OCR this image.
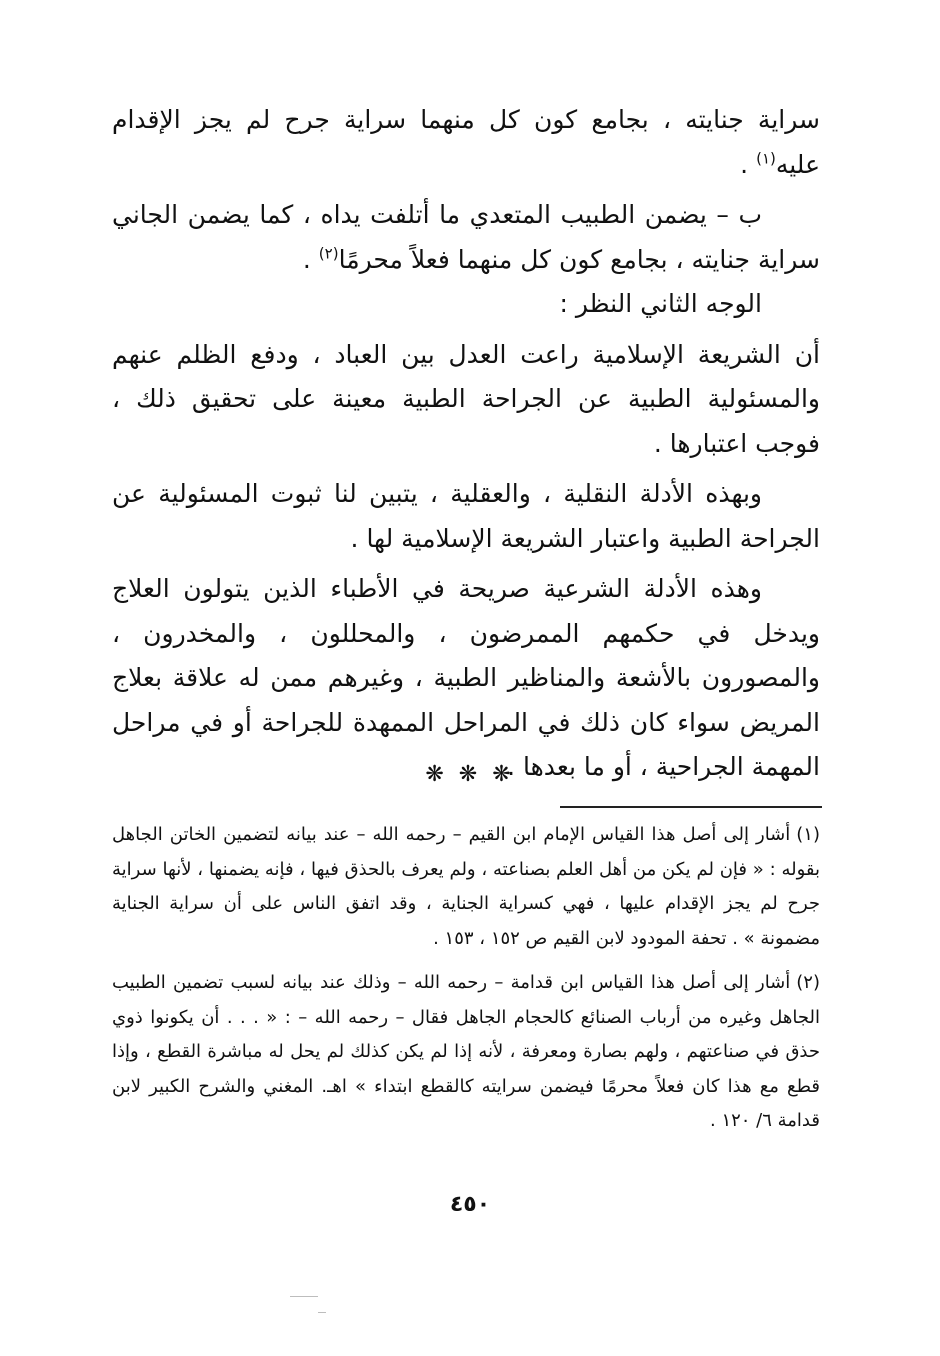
سراية جنايته ، بجامع كون كل منهما سراية جرح لم يجز الإقدام عليه$^{(١)}$ .

ب – يضمن الطبيب المتعدي ما أتلفت يداه ، كما يضمن الجاني سراية جنايته ، بجامع كون كل منهما فعلاً محرمًا$^{(٢)}$ .

الوجه الثاني النظر :

أن الشريعة الإسلامية راعت العدل بين العباد ، ودفع الظلم عنهم والمسئولية الطبية عن الجراحة الطبية معينة على تحقيق ذلك ، فوجب اعتبارها .

وبهذه الأدلة النقلية ، والعقلية ، يتبين لنا ثبوت المسئولية عن الجراحة الطبية واعتبار الشريعة الإسلامية لها .

وهذه الأدلة الشرعية صريحة في الأطباء الذين يتولون العلاج ويدخل في حكمهم الممرضون ، والمحللون ، والمخدرون ، والمصورون بالأشعة والمناظير الطبية ، وغيرهم ممن له علاقة بعلاج المريض سواء كان ذلك في المراحل الممهدة للجراحة أو في مراحل المهمة الجراحية ، أو ما بعدها .

❋ ❋ ❋

(١)أشار إلى أصل هذا القياس الإمام ابن القيم – رحمه الله – عند بيانه لتضمين الخاتن الجاهل بقوله : « فإن لم يكن من أهل العلم بصناعته ، ولم يعرف بالحذق فيها ، فإنه يضمنها ، لأنها سراية جرح لم يجز الإقدام عليها ، فهي كسراية الجناية ، وقد اتفق الناس على أن سراية الجناية مضمونة » . تحفة المودود لابن القيم ص ١٥٢ ، ١٥٣ .

(٢)أشار إلى أصل هذا القياس ابن قدامة – رحمه الله – وذلك عند بيانه لسبب تضمين الطبيب الجاهل وغيره من أرباب الصنائع كالحجام الجاهل فقال – رحمه الله – : « . . . أن يكونوا ذوي حذق في صناعتهم ، ولهم بصارة ومعرفة ، لأنه إذا لم يكن كذلك لم يحل له مباشرة القطع ، وإذا قطع مع هذا كان فعلاً محرمًا فيضمن سرايته كالقطع ابتداء » اهـ. المغني والشرح الكبير لابن قدامة ٦/ ١٢٠ .

٤٥٠
